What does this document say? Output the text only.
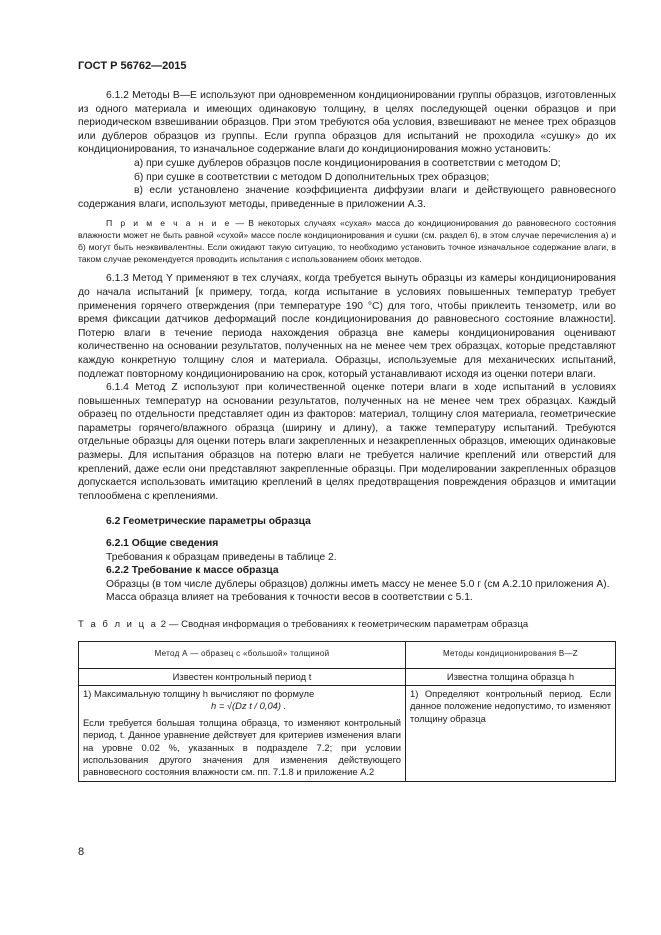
ГОСТ Р 56762—2015

6.1.2 Методы B—E используют при одновременном кондиционировании группы образцов, изготовленных из одного материала и имеющих одинаковую толщину, в целях последующей оценки образцов и при периодическом взвешивании образцов. При этом требуются оба условия, взвешивают не менее трех образцов или дублеров образцов из группы. Если группа образцов для испытаний не проходила «сушку» до их кондиционирования, то изначальное содержание влаги до кондиционирования можно установить:

а) при сушке дублеров образцов после кондиционирования в соответствии с методом D;

б) при сушке в соответствии с методом D дополнительных трех образцов;

в) если установлено значение коэффициента диффузии влаги и действующего равновесного содержания влаги, используют методы, приведенные в приложении А.3.

П р и м е ч а н и е — В некоторых случаях «сухая» масса до кондиционирования до равновесного состояния влажности может не быть равной «сухой» массе после кондиционирования и сушки (см. раздел 6), в этом случае перечисления а) и б) могут быть неэквивалентны. Если ожидают такую ситуацию, то необходимо установить точное изначальное содержание влаги, в таком случае рекомендуется проводить испытания с использованием обоих методов.

6.1.3 Метод Y применяют в тех случаях, когда требуется вынуть образцы из камеры кондиционирования до начала испытаний [к примеру, тогда, когда испытание в условиях повышенных температур требует применения горячего отверждения (при температуре 190 °С) для того, чтобы приклеить тензометр, или во время фиксации датчиков деформаций после кондиционирования до равновесного состояние влажности]. Потерю влаги в течение периода нахождения образца вне камеры кондиционирования оценивают количественно на основании результатов, полученных на не менее чем трех образцах, которые представляют каждую конкретную толщину слоя и материала. Образцы, используемые для механических испытаний, подлежат повторному кондиционированию на срок, который устанавливают исходя из оценки потери влаги.

6.1.4 Метод Z используют при количественной оценке потери влаги в ходе испытаний в условиях повышенных температур на основании результатов, полученных на не менее чем трех образцах. Каждый образец по отдельности представляет один из факторов: материал, толщину слоя материала, геометрические параметры горячего/влажного образца (ширину и длину), а также температуру испытаний. Требуются отдельные образцы для оценки потерь влаги закрепленных и незакрепленных образцов, имеющих одинаковые размеры. Для испытания образцов на потерю влаги не требуется наличие креплений или отверстий для креплений, даже если они представляют закрепленные образцы. При моделировании закрепленных образцов допускается использовать имитацию креплений в целях предотвращения повреждения образцов и имитации теплообмена с креплениями.

6.2 Геометрические параметры образца

6.2.1 Общие сведения

Требования к образцам приведены в таблице 2.

6.2.2 Требование к массе образца

Образцы (в том числе дублеры образцов) должны иметь массу не менее 5.0 г (см А.2.10 приложения А).

Масса образца влияет на требования к точности весов в соответствии с 5.1.

Т а б л и ц а 2 — Сводная информация о требованиях к геометрическим параметрам образца

Метод А — образец с «большой» толщиной	Методы кондиционирования B—Z
Известен контрольный период t	Известна толщина образца h

1) Максимальную толщину h вычисляют по формуле
h = √(Dz t / 0,04) .
Если требуется большая толщина образца, то изменяют контрольный период, t. Данное уравнение действует для критериев изменения влаги на уровне 0.02 %, указанных в подразделе 7.2; при условии использования другого значения для изменения действующего равновесного состояния влажности см. пп. 7.1.8 и приложение А.2	1) Определяют контрольный период. Если данное положение недопустимо, то изменяют толщину образца
8
